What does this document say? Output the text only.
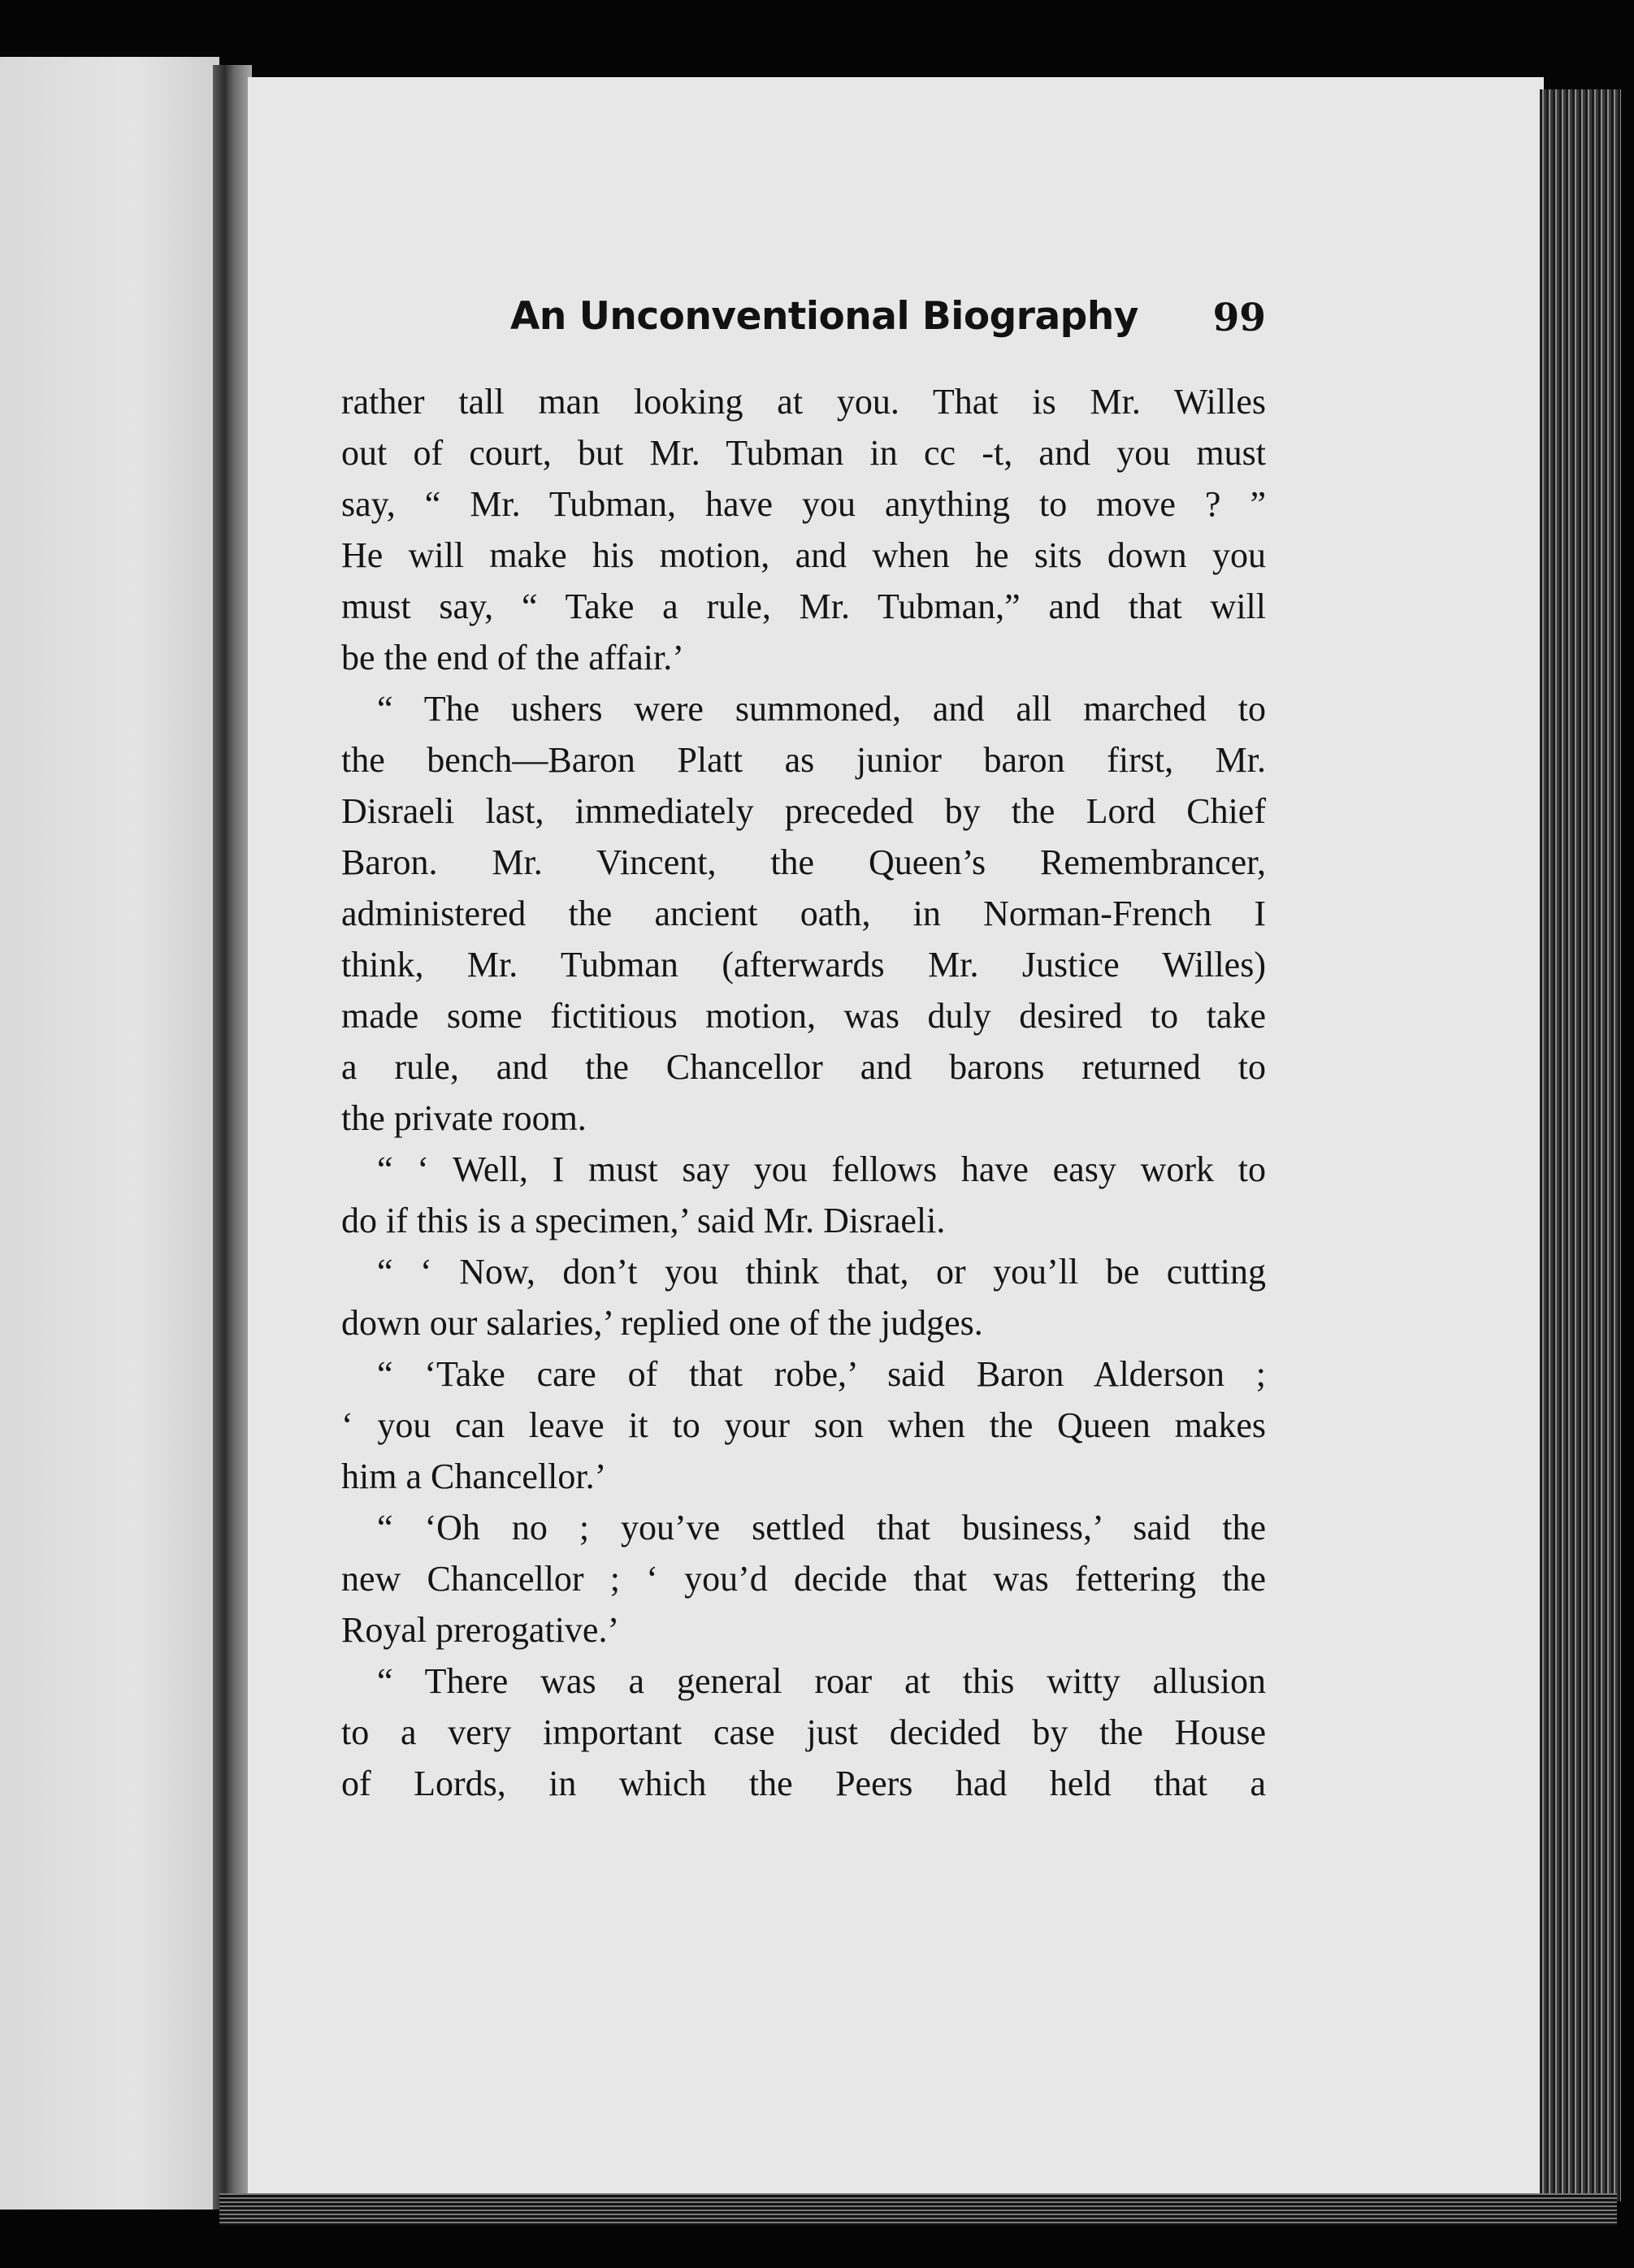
An Unconventional Biography 99
rather tall man looking at you. That is Mr. Willes
out of court, but Mr. Tubman in cc ‐t, and you must
say, “ Mr. Tubman, have you anything to move ? ”
He will make his motion, and when he sits down you
must say, “ Take a rule, Mr. Tubman,” and that will
be the end of the affair.’
“ The ushers were summoned, and all marched to
the bench—Baron Platt as junior baron first, Mr.
Disraeli last, immediately preceded by the Lord Chief
Baron. Mr. Vincent, the Queen’s Remembrancer,
administered the ancient oath, in Norman-French I
think, Mr. Tubman (afterwards Mr. Justice Willes)
made some fictitious motion, was duly desired to take
a rule, and the Chancellor and barons returned to
the private room.
“ ‘ Well, I must say you fellows have easy work to
do if this is a specimen,’ said Mr. Disraeli.
“ ‘ Now, don’t you think that, or you’ll be cutting
down our salaries,’ replied one of the judges.
“ ‘Take care of that robe,’ said Baron Alderson ;
‘ you can leave it to your son when the Queen makes
him a Chancellor.’
“ ‘Oh no ; you’ve settled that business,’ said the
new Chancellor ; ‘ you’d decide that was fettering the
Royal prerogative.’
“ There was a general roar at this witty allusion
to a very important case just decided by the House
of Lords, in which the Peers had held that a
